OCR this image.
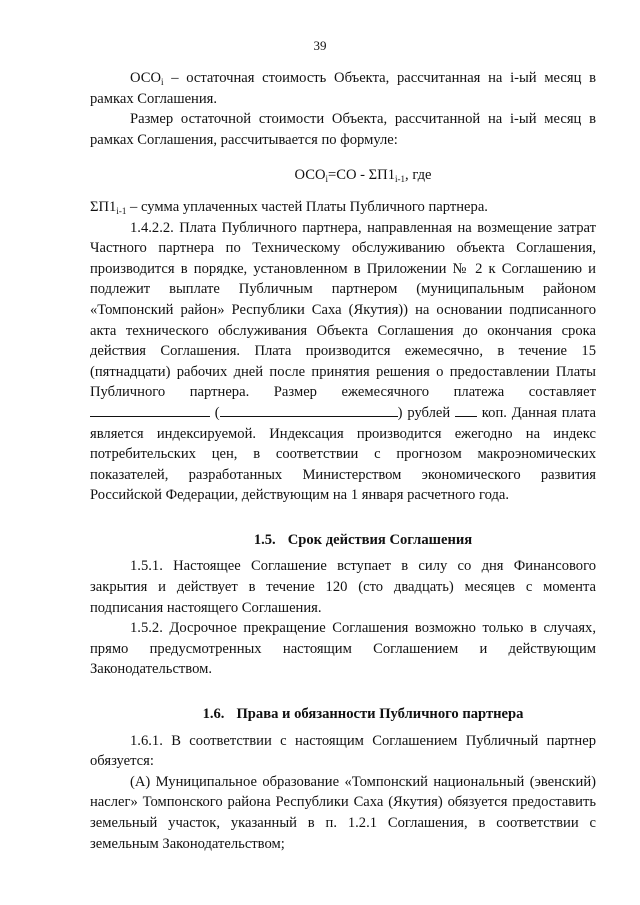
39

$ОСО_i$ – остаточная стоимость Объекта, рассчитанная на i-ый месяц в рамках Соглашения.

Размер остаточной стоимости Объекта, рассчитанной на i-ый месяц в рамках Соглашения, рассчитывается по формуле:

$ОСО_i=СО - \Sigma П1_{i-1}$, где

$\Sigma П1_{i-1}$ – сумма уплаченных частей Платы Публичного партнера.

1.4.2.2. Плата Публичного партнера, направленная на возмещение затрат Частного партнера по Техническому обслуживанию объекта Соглашения, производится в порядке, установленном в Приложении № 2 к Соглашению и подлежит выплате Публичным партнером (муниципальным районом «Томпонский район» Республики Саха (Якутия)) на основании подписанного акта технического обслуживания Объекта Соглашения до окончания срока действия Соглашения. Плата производится ежемесячно, в течение 15 (пятнадцати) рабочих дней после принятия решения о предоставлении Платы Публичного партнера. Размер ежемесячного платежа составляет  (	) рублей  коп. Данная плата является индексируемой. Индексация производится ежегодно на индекс потребительских цен, в соответствии с прогнозом макроэномических показателей, разработанных Министерством экономического развития Российской Федерации, действующим на 1 января расчетного года.

1.5. Срок действия Соглашения

1.5.1. Настоящее Соглашение вступает в силу со дня Финансового закрытия и действует в течение 120 (сто двадцать) месяцев с момента подписания настоящего Соглашения.

1.5.2. Досрочное прекращение Соглашения возможно только в случаях, прямо предусмотренных настоящим Соглашением и действующим Законодательством.

1.6. Права и обязанности Публичного партнера

1.6.1. В соответствии с настоящим Соглашением Публичный партнер обязуется:

(А) Муниципальное образование «Томпонский национальный (эвенский) наслег» Томпонского района Республики Саха (Якутия) обязуется предоставить земельный участок, указанный в п. 1.2.1 Соглашения, в соответствии с земельным Законодательством;
